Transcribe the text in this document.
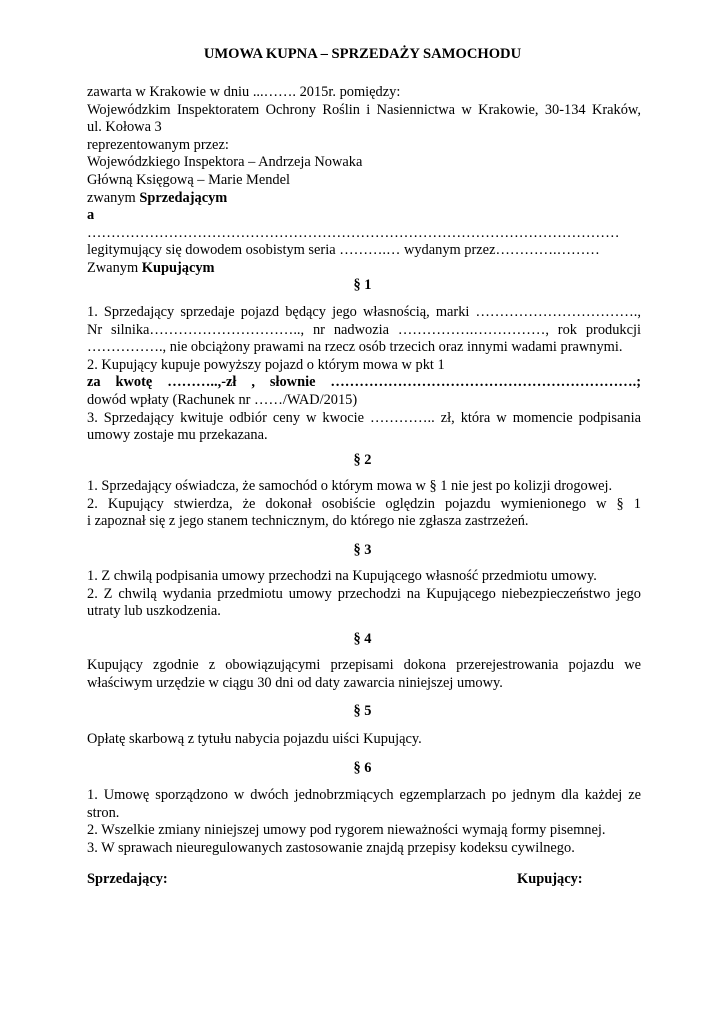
UMOWA KUPNA – SPRZEDAŻY SAMOCHODU
zawarta w Krakowie w dniu ...……. 2015r. pomiędzy:
Wojewódzkim Inspektoratem Ochrony Roślin i Nasiennictwa w Krakowie, 30-134 Kraków,
ul. Kołowa 3
reprezentowanym przez:
Wojewódzkiego Inspektora – Andrzeja Nowaka
Główną Księgową – Marie Mendel
zwanym Sprzedającym
a
…………………………………………………………………………………………………
legitymujący się dowodem osobistym seria ……….… wydanym przez………….………
Zwanym Kupującym
§ 1
1. Sprzedający sprzedaje pojazd będący jego własnością, marki …………………………….,
Nr silnika………………………….., nr nadwozia …………….……………, rok produkcji
……………., nie obciążony prawami na rzecz osób trzecich oraz innymi wadami prawnymi.
2. Kupujący kupuje powyższy pojazd o którym mowa w pkt 1
za kwotę ………..,-zł , słownie ……………………………………………………….;
dowód wpłaty (Rachunek nr ……/WAD/2015)
3. Sprzedający kwituje odbiór ceny w kwocie ………….. zł, która w momencie podpisania
umowy zostaje mu przekazana.
§ 2
1. Sprzedający oświadcza, że samochód o którym mowa w § 1 nie jest po kolizji drogowej.
2. Kupujący stwierdza, że dokonał osobiście oględzin pojazdu wymienionego w § 1
i zapoznał się z jego stanem technicznym, do którego nie zgłasza zastrzeżeń.
§ 3
1. Z chwilą podpisania umowy przechodzi na Kupującego własność przedmiotu umowy.
2. Z chwilą wydania przedmiotu umowy przechodzi na Kupującego niebezpieczeństwo jego
utraty lub uszkodzenia.
§ 4
Kupujący zgodnie z obowiązującymi przepisami dokona przerejestrowania pojazdu we
właściwym urzędzie w ciągu 30 dni od daty zawarcia niniejszej umowy.
§ 5
Opłatę skarbową z tytułu nabycia pojazdu uiści Kupujący.
§ 6
1. Umowę sporządzono w dwóch jednobrzmiących egzemplarzach po jednym dla każdej ze
stron.
2. Wszelkie zmiany niniejszej umowy pod rygorem nieważności wymają formy pisemnej.
3. W sprawach nieuregulowanych zastosowanie znajdą przepisy kodeksu cywilnego.
Sprzedający:	Kupujący:
